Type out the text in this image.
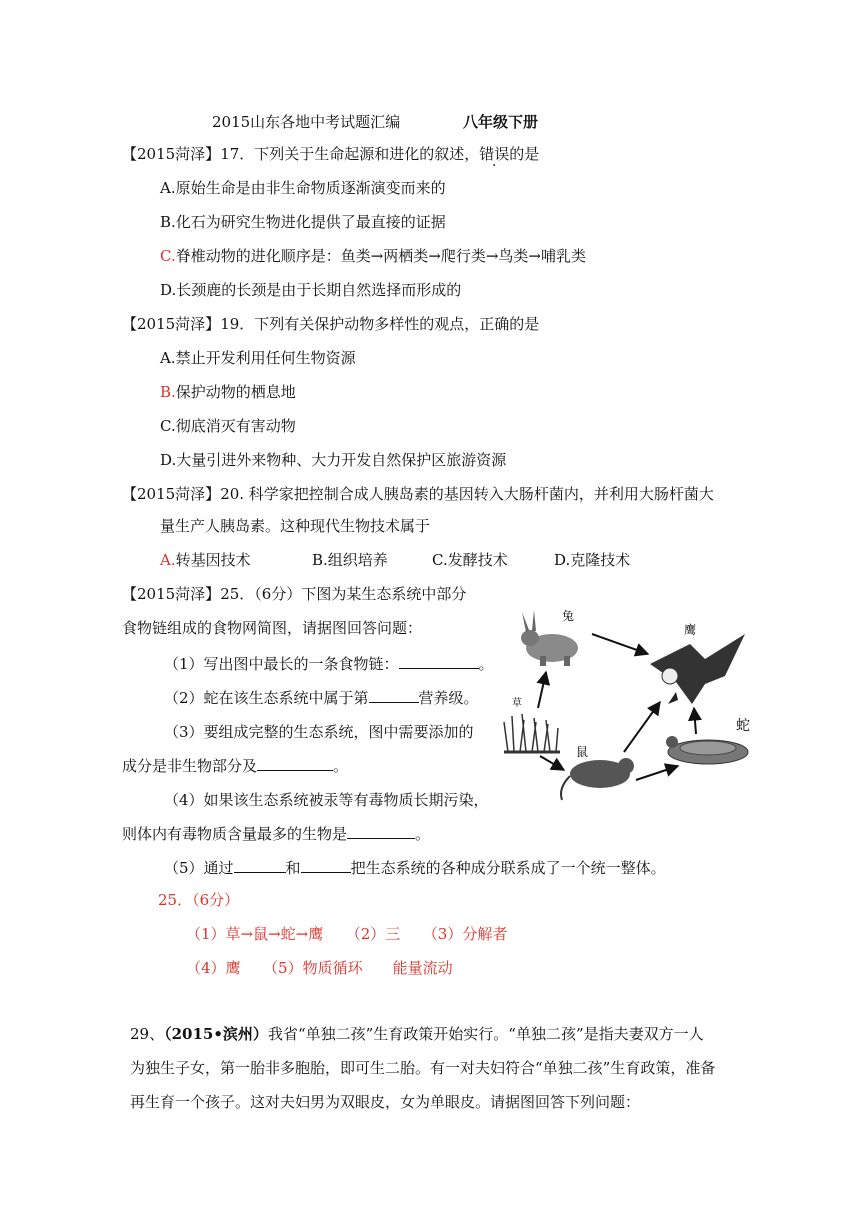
2015山东各地中考试题汇编	八年级下册
【2015菏泽】17．下列关于生命起源和进化的叙述，错误的是
A.原始生命是由非生命物质逐渐演变而来的
B.化石为研究生物进化提供了最直接的证据
C.脊椎动物的进化顺序是：鱼类→两栖类→爬行类→鸟类→哺乳类
D.长颈鹿的长颈是由于长期自然选择而形成的
【2015菏泽】19．下列有关保护动物多样性的观点，正确的是
A.禁止开发利用任何生物资源
B.保护动物的栖息地
C.彻底消灭有害动物
D.大量引进外来物种、大力开发自然保护区旅游资源
【2015菏泽】20. 科学家把控制合成人胰岛素的基因转入大肠杆菌内，并利用大肠杆菌大
量生产人胰岛素。这种现代生物技术属于
A.转基因技术	B.组织培养	C.发酵技术	D.克隆技术
【2015菏泽】25．（6分）下图为某生态系统中部分
食物链组成的食物网简图，请据图回答问题：
（1）写出图中最长的一条食物链：	。
（2）蛇在该生态系统中属于第	营养级。
（3）要组成完整的生态系统，图中需要添加的
成分是非生物部分及	。
（4）如果该生态系统被汞等有毒物质长期污染，
则体内有毒物质含量最多的生物是	。
（5）通过	和	把生态系统的各种成分联系成了一个统一整体。
兔
鹰
草
鼠
蛇
25．（6分）
（1）草→鼠→蛇→鹰　　（2）三　　（3）分解者
（4）鹰　　（5）物质循环　　能量流动
29、（2015•滨州）我省“单独二孩”生育政策开始实行。“单独二孩”是指夫妻双方一人
为独生子女，第一胎非多胞胎，即可生二胎。有一对夫妇符合“单独二孩”生育政策，准备
再生育一个孩子。这对夫妇男为双眼皮，女为单眼皮。请据图回答下列问题：
